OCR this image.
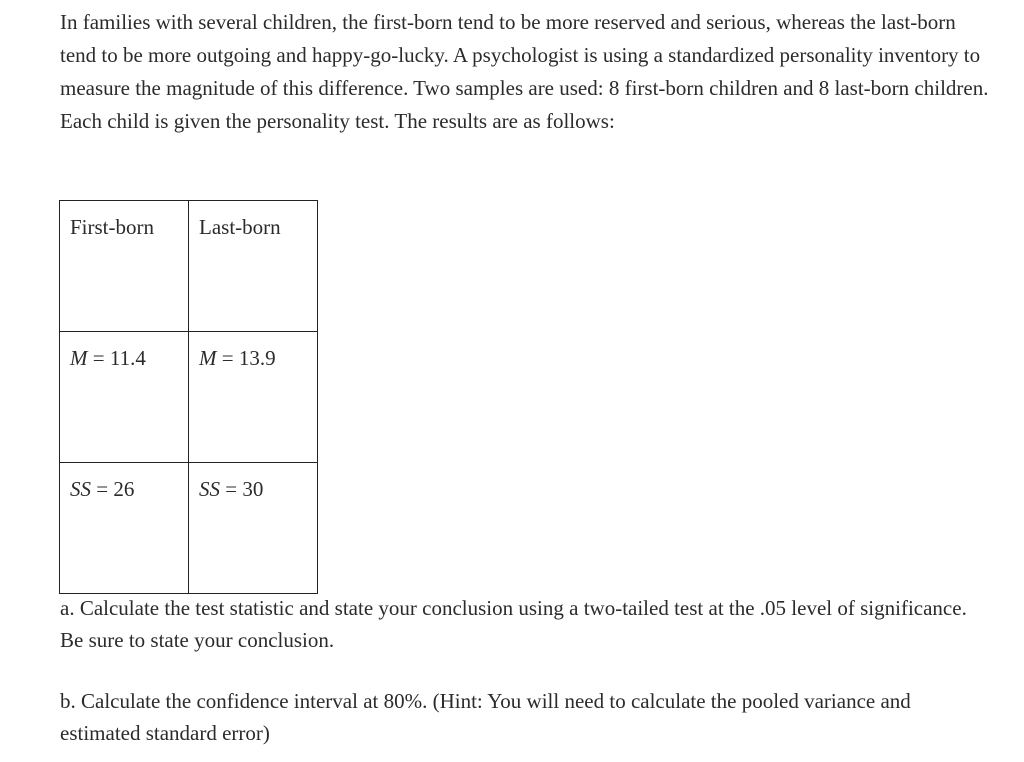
In families with several children, the first-born tend to be more reserved and serious, whereas the last-born tend to be more outgoing and happy-go-lucky. A psychologist is using a standardized personality inventory to measure the magnitude of this difference. Two samples are used: 8 first-born children and 8 last-born children. Each child is given the personality test. The results are as follows:

First-born	Last-born

M = 11.4	M = 13.9

SS = 26	SS = 30

a. Calculate the test statistic and state your conclusion using a two-tailed test at the .05 level of significance. Be sure to state your conclusion.

b. Calculate the confidence interval at 80%. (Hint: You will need to calculate the pooled variance and estimated standard error)
